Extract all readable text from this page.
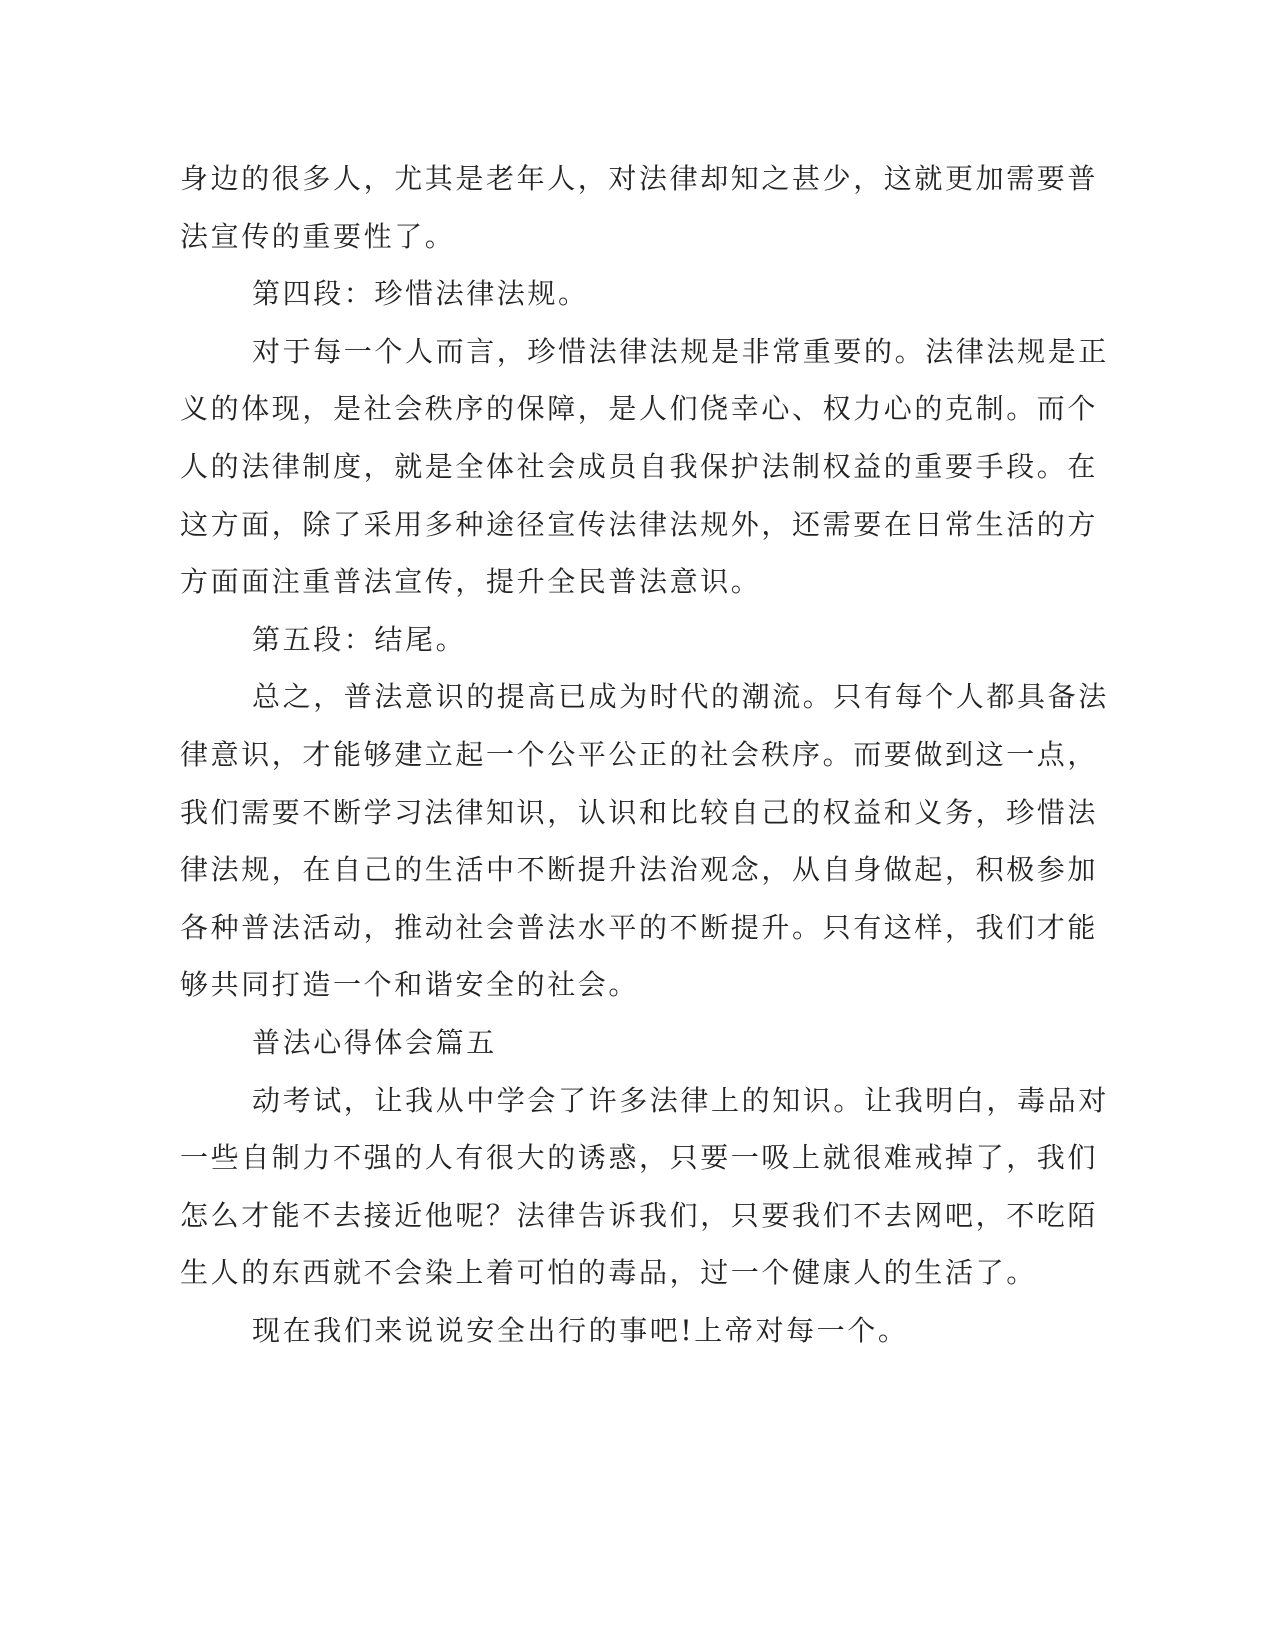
身边的很多人，尤其是老年人，对法律却知之甚少，这就更加需要普
法宣传的重要性了。
第四段：珍惜法律法规。
对于每一个人而言，珍惜法律法规是非常重要的。法律法规是正
义的体现，是社会秩序的保障，是人们侥幸心、权力心的克制。而个
人的法律制度，就是全体社会成员自我保护法制权益的重要手段。在
这方面，除了采用多种途径宣传法律法规外，还需要在日常生活的方
方面面注重普法宣传，提升全民普法意识。
第五段：结尾。
总之，普法意识的提高已成为时代的潮流。只有每个人都具备法
律意识，才能够建立起一个公平公正的社会秩序。而要做到这一点，
我们需要不断学习法律知识，认识和比较自己的权益和义务，珍惜法
律法规，在自己的生活中不断提升法治观念，从自身做起，积极参加
各种普法活动，推动社会普法水平的不断提升。只有这样，我们才能
够共同打造一个和谐安全的社会。
普法心得体会篇五
动考试，让我从中学会了许多法律上的知识。让我明白，毒品对
一些自制力不强的人有很大的诱惑，只要一吸上就很难戒掉了，我们
怎么才能不去接近他呢？法律告诉我们，只要我们不去网吧，不吃陌
生人的东西就不会染上着可怕的毒品，过一个健康人的生活了。
现在我们来说说安全出行的事吧!上帝对每一个。
